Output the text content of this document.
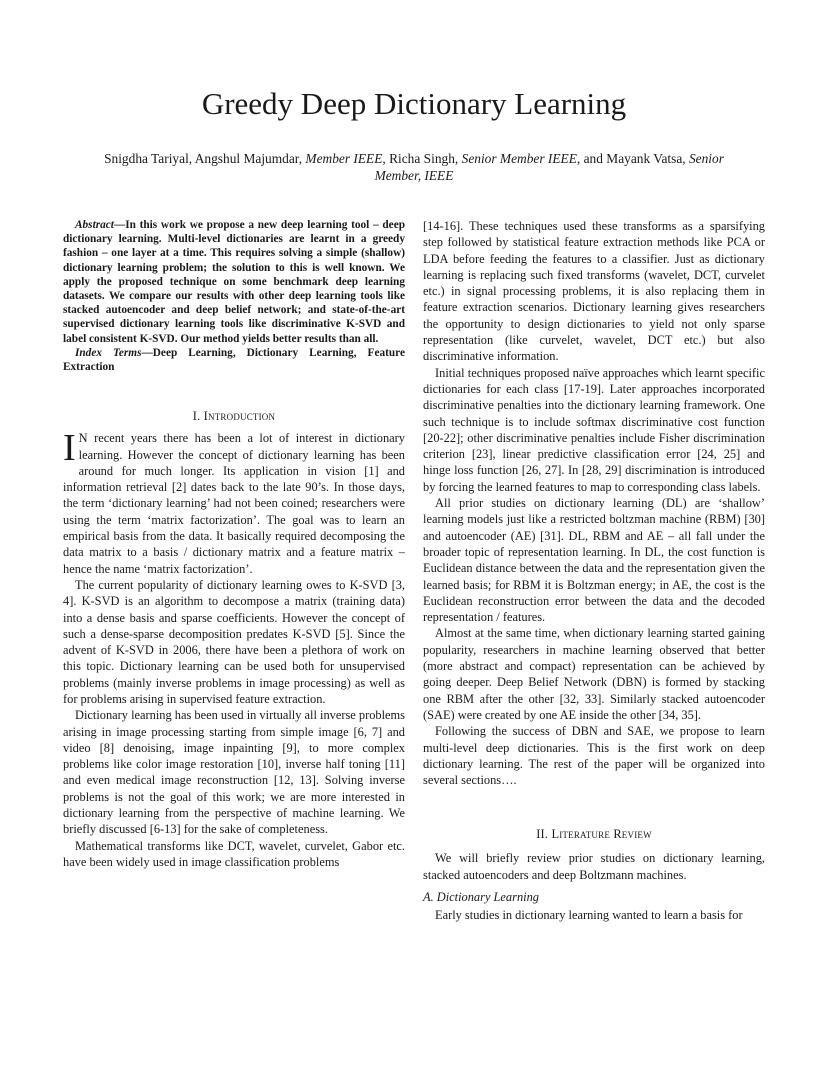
Greedy Deep Dictionary Learning
Snigdha Tariyal, Angshul Majumdar, Member IEEE, Richa Singh, Senior Member IEEE, and Mayank Vatsa, Senior Member, IEEE

Abstract—In this work we propose a new deep learning tool – deep dictionary learning. Multi-level dictionaries are learnt in a greedy fashion – one layer at a time. This requires solving a simple (shallow) dictionary learning problem; the solution to this is well known. We apply the proposed technique on some benchmark deep learning datasets. We compare our results with other deep learning tools like stacked autoencoder and deep belief network; and state-of-the-art supervised dictionary learning tools like discriminative K-SVD and label consistent K-SVD. Our method yields better results than all.

Index Terms—Deep Learning, Dictionary Learning, Feature Extraction

I. Introduction

I N recent years there has been a lot of interest in dictionary learning. However the concept of dictionary learning has been around for much longer. Its application in vision [1] and information retrieval [2] dates back to the late 90’s. In those days, the term ‘dictionary learning’ had not been coined; researchers were using the term ‘matrix factorization’. The goal was to learn an empirical basis from the data. It basically required decomposing the data matrix to a basis / dictionary matrix and a feature matrix – hence the name ‘matrix factorization’.

The current popularity of dictionary learning owes to K-SVD [3, 4]. K-SVD is an algorithm to decompose a matrix (training data) into a dense basis and sparse coefficients. However the concept of such a dense-sparse decomposition predates K-SVD [5]. Since the advent of K-SVD in 2006, there have been a plethora of work on this topic. Dictionary learning can be used both for unsupervised problems (mainly inverse problems in image processing) as well as for problems arising in supervised feature extraction.

Dictionary learning has been used in virtually all inverse problems arising in image processing starting from simple image [6, 7] and video [8] denoising, image inpainting [9], to more complex problems like color image restoration [10], inverse half toning [11] and even medical image reconstruction [12, 13]. Solving inverse problems is not the goal of this work; we are more interested in dictionary learning from the perspective of machine learning. We briefly discussed [6-13] for the sake of completeness.

Mathematical transforms like DCT, wavelet, curvelet, Gabor etc. have been widely used in image classification problems

[14-16]. These techniques used these transforms as a sparsifying step followed by statistical feature extraction methods like PCA or LDA before feeding the features to a classifier. Just as dictionary learning is replacing such fixed transforms (wavelet, DCT, curvelet etc.) in signal processing problems, it is also replacing them in feature extraction scenarios. Dictionary learning gives researchers the opportunity to design dictionaries to yield not only sparse representation (like curvelet, wavelet, DCT etc.) but also discriminative information.

Initial techniques proposed naïve approaches which learnt specific dictionaries for each class [17-19]. Later approaches incorporated discriminative penalties into the dictionary learning framework. One such technique is to include softmax discriminative cost function [20-22]; other discriminative penalties include Fisher discrimination criterion [23], linear predictive classification error [24, 25] and hinge loss function [26, 27]. In [28, 29] discrimination is introduced by forcing the learned features to map to corresponding class labels.

All prior studies on dictionary learning (DL) are ‘shallow’ learning models just like a restricted boltzman machine (RBM) [30] and autoencoder (AE) [31]. DL, RBM and AE – all fall under the broader topic of representation learning. In DL, the cost function is Euclidean distance between the data and the representation given the learned basis; for RBM it is Boltzman energy; in AE, the cost is the Euclidean reconstruction error between the data and the decoded representation / features.

Almost at the same time, when dictionary learning started gaining popularity, researchers in machine learning observed that better (more abstract and compact) representation can be achieved by going deeper. Deep Belief Network (DBN) is formed by stacking one RBM after the other [32, 33]. Similarly stacked autoencoder (SAE) were created by one AE inside the other [34, 35].

Following the success of DBN and SAE, we propose to learn multi-level deep dictionaries. This is the first work on deep dictionary learning. The rest of the paper will be organized into several sections….

II. Literature Review

We will briefly review prior studies on dictionary learning, stacked autoencoders and deep Boltzmann machines.

A. Dictionary Learning

Early studies in dictionary learning wanted to learn a basis for
